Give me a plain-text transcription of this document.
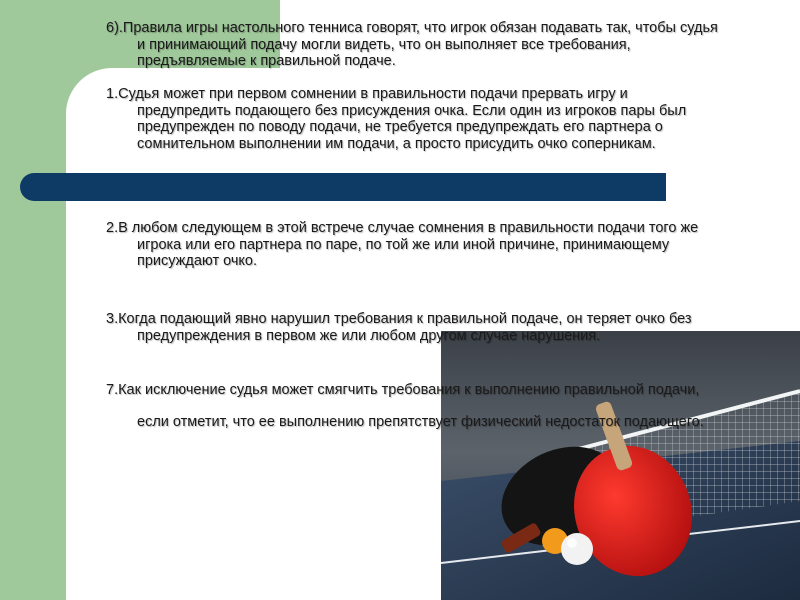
6).Правила игры настольного тенниса говорят, что игрок обязан подавать так, чтобы судья
и принимающий подачу могли видеть, что он выполняет все требования,
предъявляемые к правильной подаче.
1.Судья может при первом сомнении в правильности подачи прервать игру и
предупредить подающего без присуждения очка. Если один из игроков пары был
предупрежден по поводу подачи, не требуется предупреждать его партнера о
сомнительном выполнении им подачи, а просто присудить очко соперникам.
2.В любом следующем в этой встрече случае сомнения в правильности подачи того же
игрока или его партнера по паре, по той же или иной причине, принимающему
присуждают очко.
3.Когда подающий явно нарушил требования к правильной подаче, он теряет очко без
предупреждения в первом же или любом другом случае нарушения.
7.Как исключение судья может смягчить требования к выполнению правильной подачи,
если отметит, что ее выполнению препятствует физический недостаток подающего.
